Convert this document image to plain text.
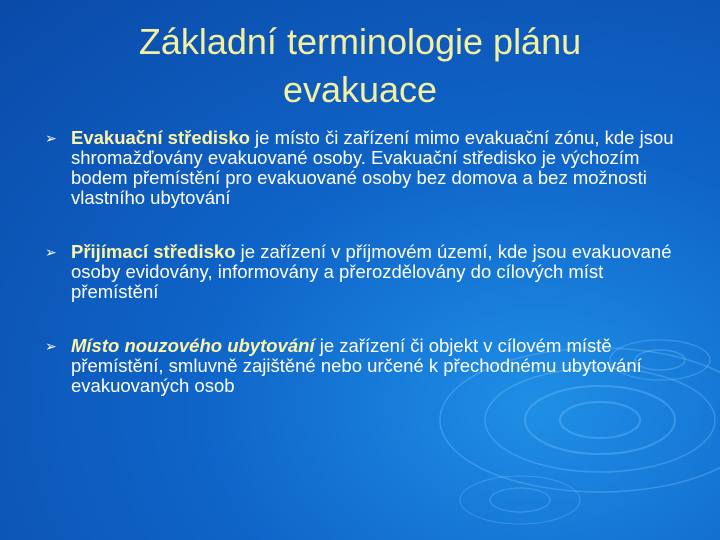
Základní terminologie plánu evakuace
➢ Evakuační středisko je místo či zařízení mimo evakuační zónu, kde jsou shromažďovány evakuované osoby. Evakuační středisko je výchozím bodem přemístění pro evakuované osoby bez domova a bez možnosti vlastního ubytování
➢ Přijímací středisko je zařízení v příjmovém území, kde jsou evakuované osoby evidovány, informovány a přerozdělovány do cílových míst přemístění
➢ Místo nouzového ubytování je zařízení či objekt v cílovém místě přemístění, smluvně zajištěné nebo určené k přechodnému ubytování evakuovaných osob
